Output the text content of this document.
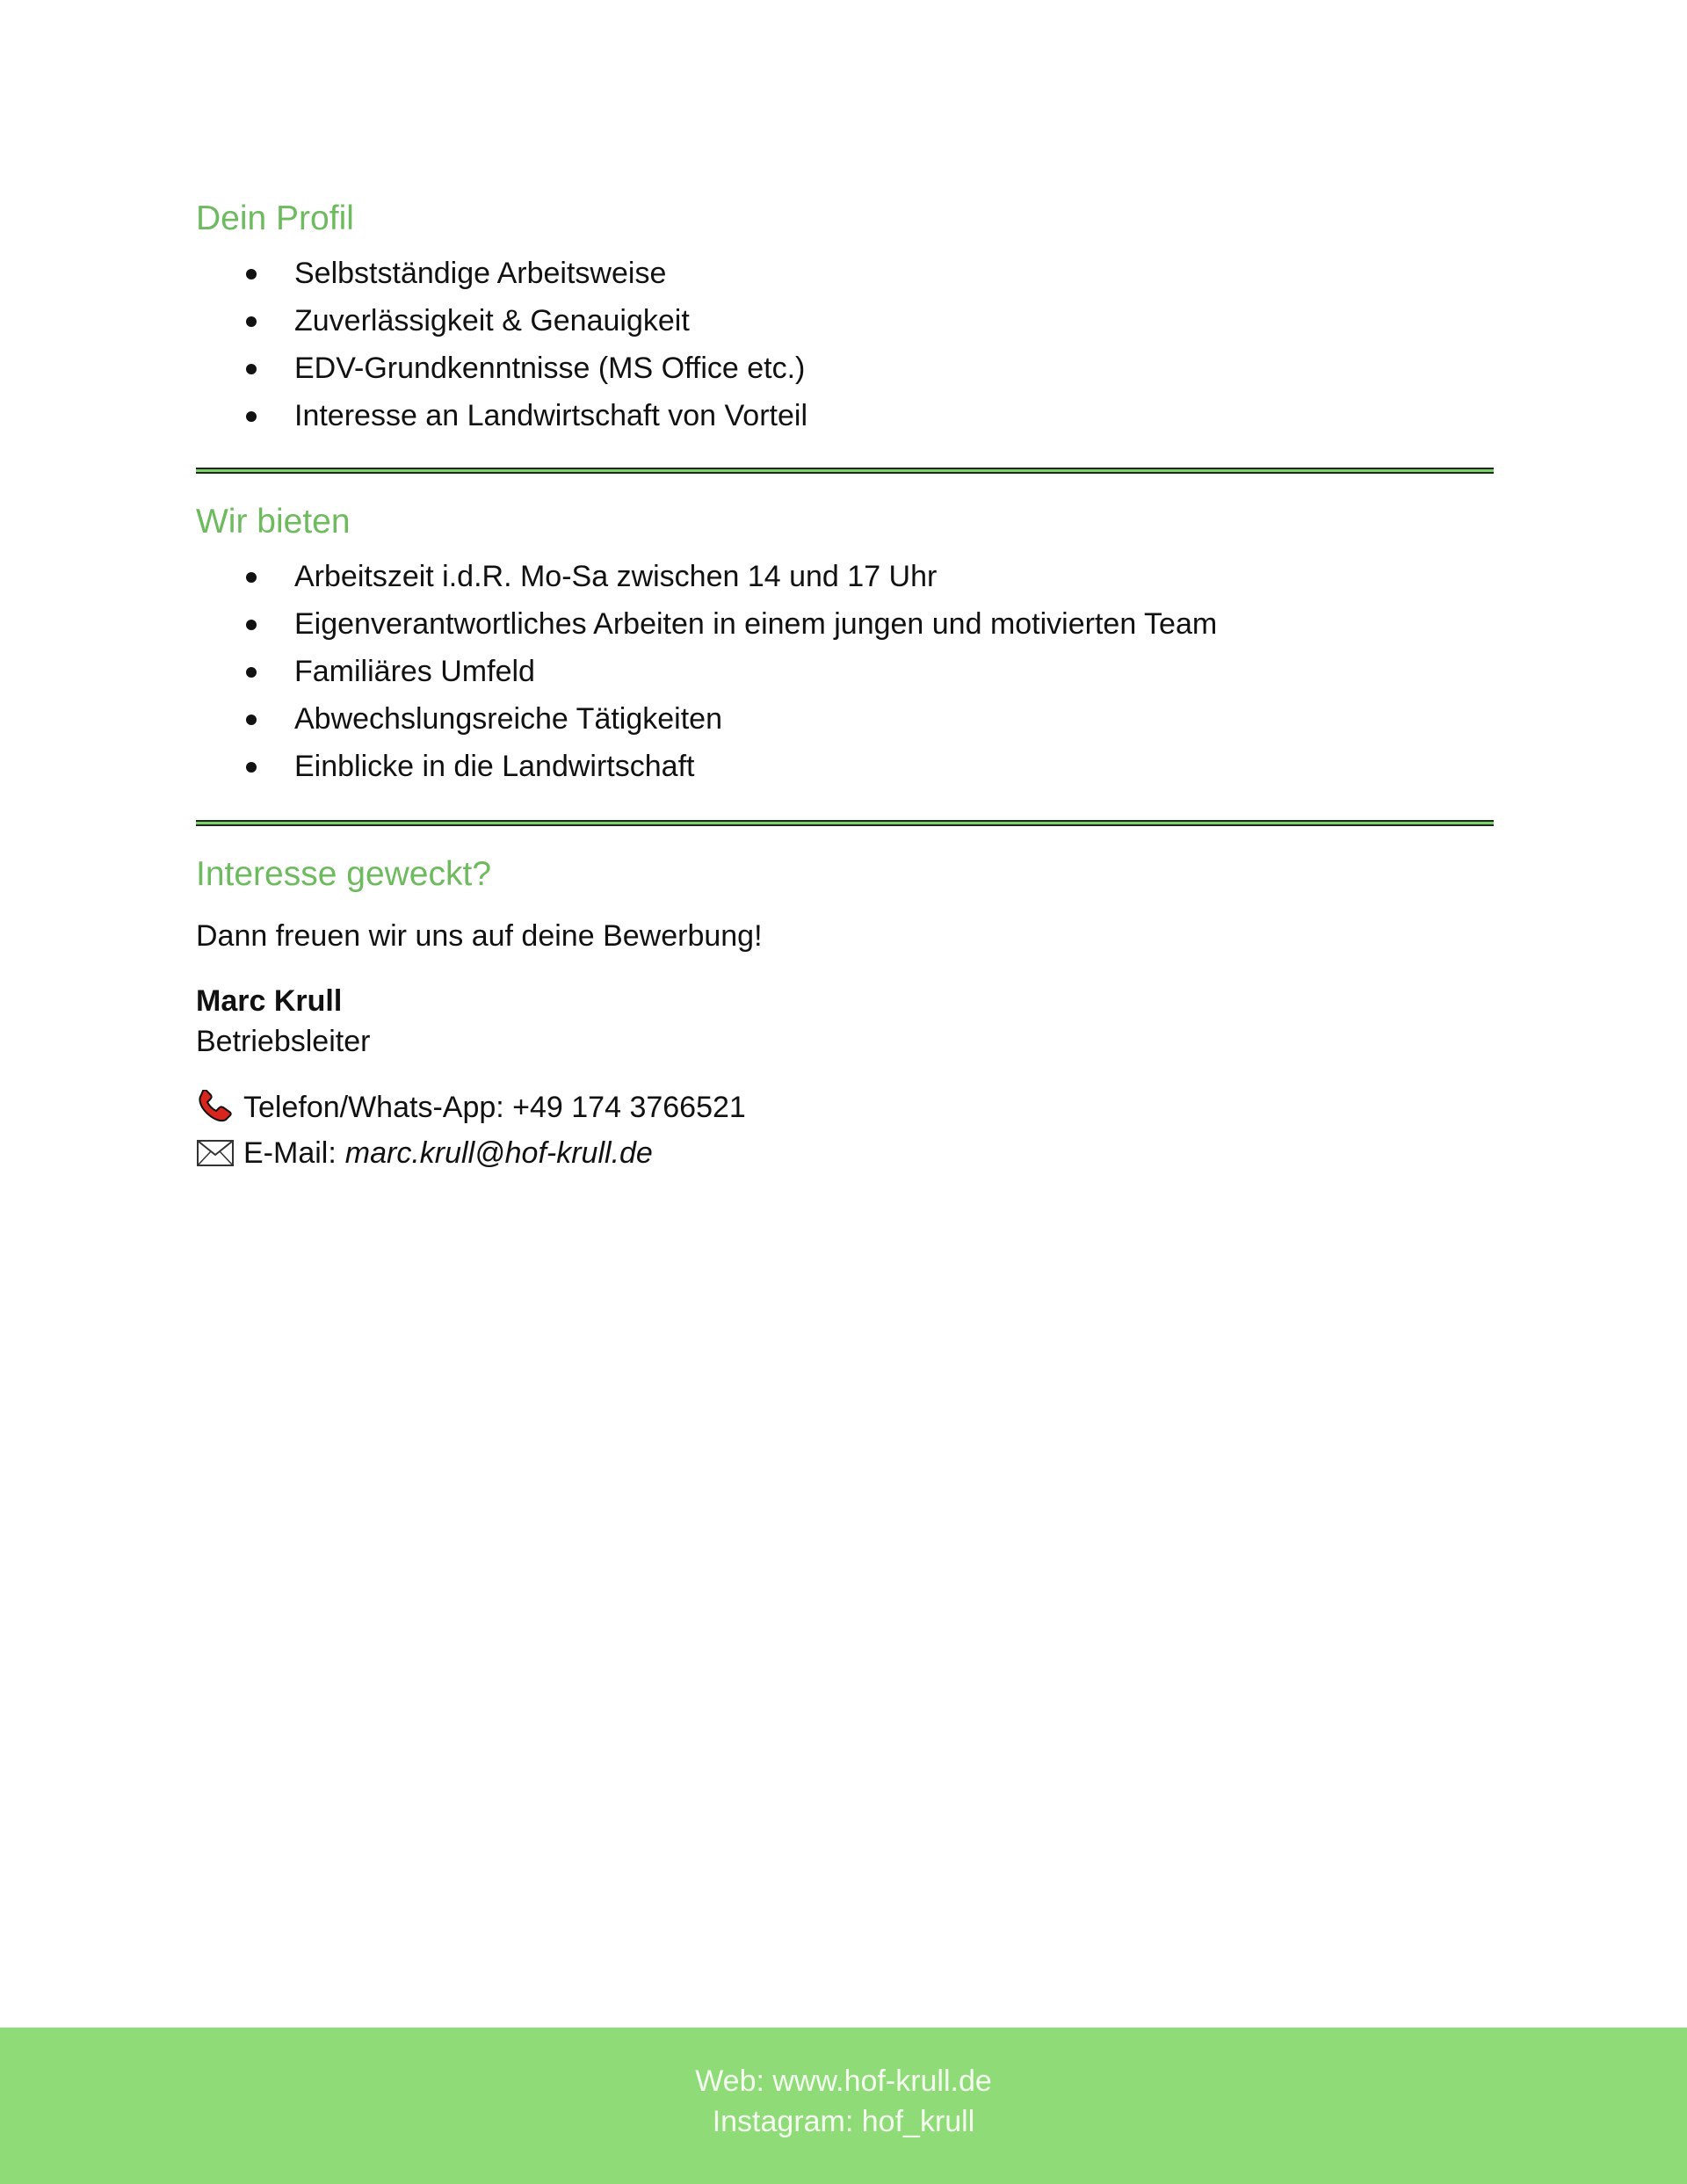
Dein Profil
Selbstständige Arbeitsweise
Zuverlässigkeit & Genauigkeit
EDV-Grundkenntnisse (MS Office etc.)
Interesse an Landwirtschaft von Vorteil
Wir bieten
Arbeitszeit i.d.R. Mo-Sa zwischen 14 und 17 Uhr
Eigenverantwortliches Arbeiten in einem jungen und motivierten Team
Familiäres Umfeld
Abwechslungsreiche Tätigkeiten
Einblicke in die Landwirtschaft
Interesse geweckt?

Dann freuen wir uns auf deine Bewerbung!

Marc Krull
Betriebsleiter
Telefon/Whats-App: +49 174 3766521
E-Mail: marc.krull@hof-krull.de
Web: www.hof-krull.de
Instagram: hof_krull
